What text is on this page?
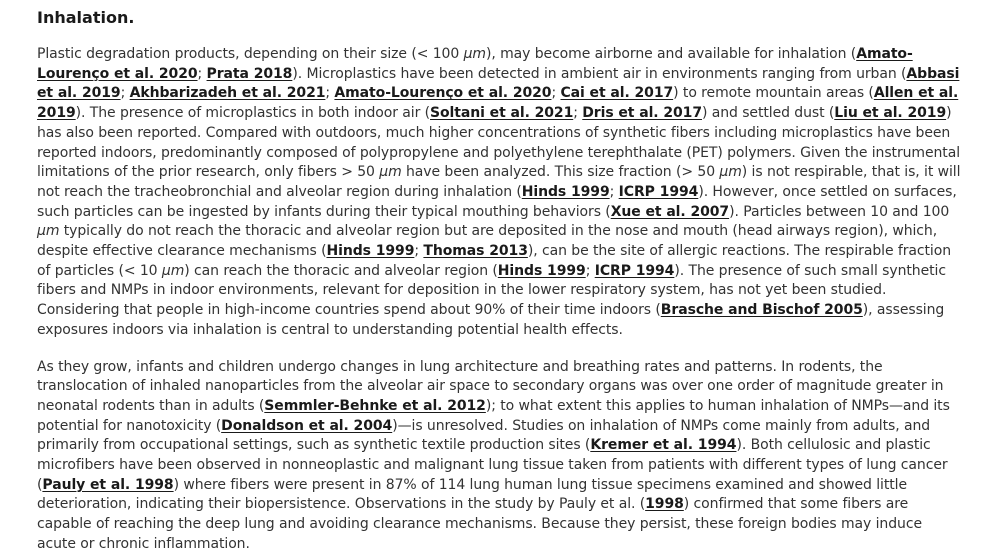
Inhalation.

Plastic degradation products, depending on their size (< 100 μm), may become airborne and available for inhalation (Amato-Lourenço et al. 2020; Prata 2018). Microplastics have been detected in ambient air in environments ranging from urban (Abbasi et al. 2019; Akhbarizadeh et al. 2021; Amato-Lourenço et al. 2020; Cai et al. 2017) to remote mountain areas (Allen et al. 2019). The presence of microplastics in both indoor air (Soltani et al. 2021; Dris et al. 2017) and settled dust (Liu et al. 2019) has also been reported. Compared with outdoors, much higher concentrations of synthetic fibers including microplastics have been reported indoors, predominantly composed of polypropylene and polyethylene terephthalate (PET) polymers. Given the instrumental limitations of the prior research, only fibers > 50 μm have been analyzed. This size fraction (> 50 μm) is not respirable, that is, it will not reach the tracheobronchial and alveolar region during inhalation (Hinds 1999; ICRP 1994). However, once settled on surfaces, such particles can be ingested by infants during their typical mouthing behaviors (Xue et al. 2007). Particles between 10 and 100 μm typically do not reach the thoracic and alveolar region but are deposited in the nose and mouth (head airways region), which, despite effective clearance mechanisms (Hinds 1999; Thomas 2013), can be the site of allergic reactions. The respirable fraction of particles (< 10 μm) can reach the thoracic and alveolar region (Hinds 1999; ICRP 1994). The presence of such small synthetic fibers and NMPs in indoor environments, relevant for deposition in the lower respiratory system, has not yet been studied. Considering that people in high-income countries spend about 90% of their time indoors (Brasche and Bischof 2005), assessing exposures indoors via inhalation is central to understanding potential health effects.

As they grow, infants and children undergo changes in lung architecture and breathing rates and patterns. In rodents, the translocation of inhaled nanoparticles from the alveolar air space to secondary organs was over one order of magnitude greater in neonatal rodents than in adults (Semmler-Behnke et al. 2012); to what extent this applies to human inhalation of NMPs—and its potential for nanotoxicity (Donaldson et al. 2004)—is unresolved. Studies on inhalation of NMPs come mainly from adults, and primarily from occupational settings, such as synthetic textile production sites (Kremer et al. 1994). Both cellulosic and plastic microfibers have been observed in nonneoplastic and malignant lung tissue taken from patients with different types of lung cancer (Pauly et al. 1998) where fibers were present in 87% of 114 lung human lung tissue specimens examined and showed little deterioration, indicating their biopersistence. Observations in the study by Pauly et al. (1998) confirmed that some fibers are capable of reaching the deep lung and avoiding clearance mechanisms. Because they persist, these foreign bodies may induce acute or chronic inflammation.
